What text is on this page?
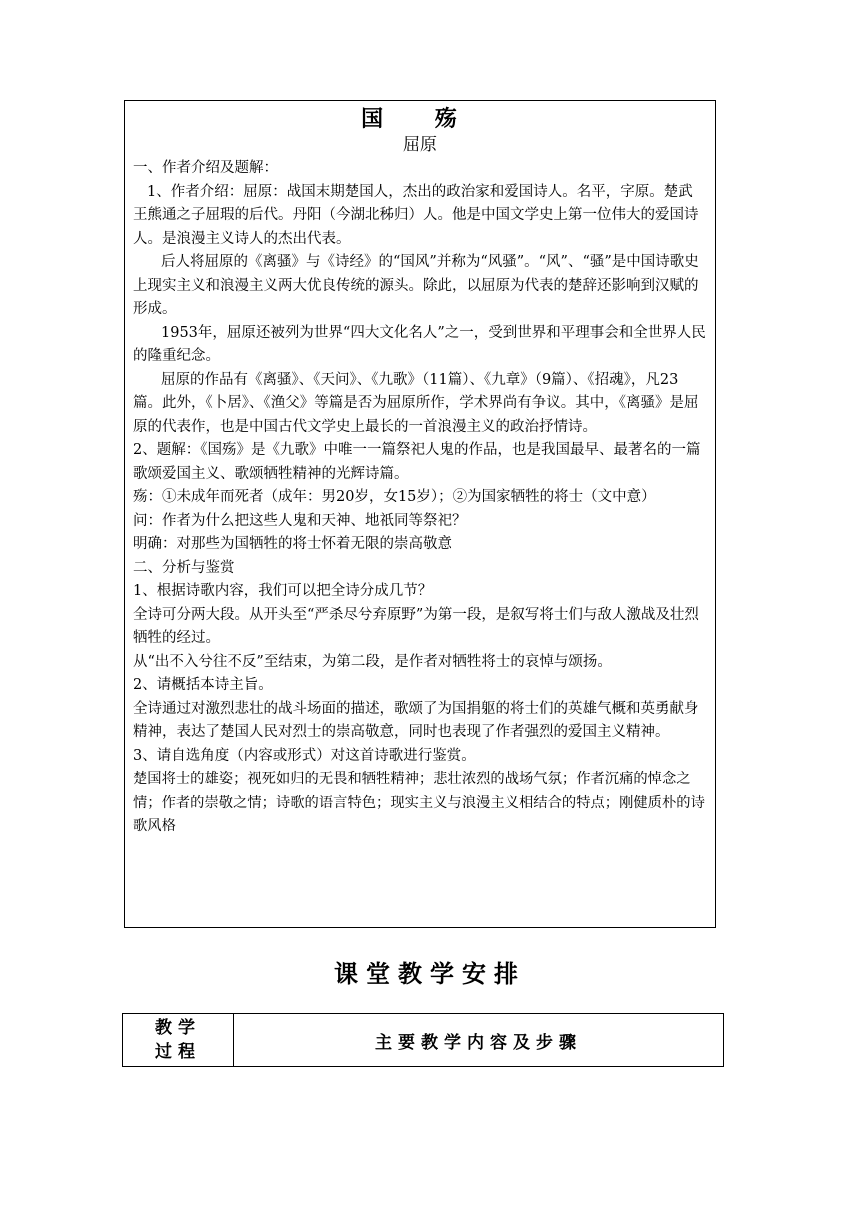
国 殇
屈原

一、作者介绍及题解：

1、作者介绍：屈原：战国末期楚国人，杰出的政治家和爱国诗人。名平，字原。楚武王熊通之子屈瑕的后代。丹阳（今湖北秭归）人。他是中国文学史上第一位伟大的爱国诗人。是浪漫主义诗人的杰出代表。

后人将屈原的《离骚》与《诗经》的“国风”并称为“风骚”。“风”、“骚”是中国诗歌史上现实主义和浪漫主义两大优良传统的源头。除此，以屈原为代表的楚辞还影响到汉赋的形成。

1953年，屈原还被列为世界“四大文化名人”之一，受到世界和平理事会和全世界人民的隆重纪念。

屈原的作品有《离骚》、《天问》、《九歌》（11篇）、《九章》（9篇）、《招魂》，凡23篇。此外，《卜居》、《渔父》等篇是否为屈原所作，学术界尚有争议。其中，《离骚》是屈原的代表作，也是中国古代文学史上最长的一首浪漫主义的政治抒情诗。

2、题解：《国殇》是《九歌》中唯一一篇祭祀人鬼的作品，也是我国最早、最著名的一篇歌颂爱国主义、歌颂牺牲精神的光辉诗篇。

殇：①未成年而死者（成年：男20岁，女15岁）；②为国家牺牲的将士（文中意）

问：作者为什么把这些人鬼和天神、地祇同等祭祀？

明确：对那些为国牺牲的将士怀着无限的崇高敬意

二、分析与鉴赏

1、根据诗歌内容，我们可以把全诗分成几节？

全诗可分两大段。从开头至“严杀尽兮弃原野”为第一段，是叙写将士们与敌人激战及壮烈牺牲的经过。

从“出不入兮往不反”至结束，为第二段，是作者对牺牲将士的哀悼与颂扬。

2、请概括本诗主旨。

全诗通过对激烈悲壮的战斗场面的描述，歌颂了为国捐躯的将士们的英雄气概和英勇献身精神，表达了楚国人民对烈士的崇高敬意，同时也表现了作者强烈的爱国主义精神。

3、请自选角度（内容或形式）对这首诗歌进行鉴赏。

楚国将士的雄姿；视死如归的无畏和牺牲精神；悲壮浓烈的战场气氛；作者沉痛的悼念之情；作者的崇敬之情；诗歌的语言特色；现实主义与浪漫主义相结合的特点；刚健质朴的诗歌风格

课堂教学安排
教学
过程	主要教学内容及步骤
